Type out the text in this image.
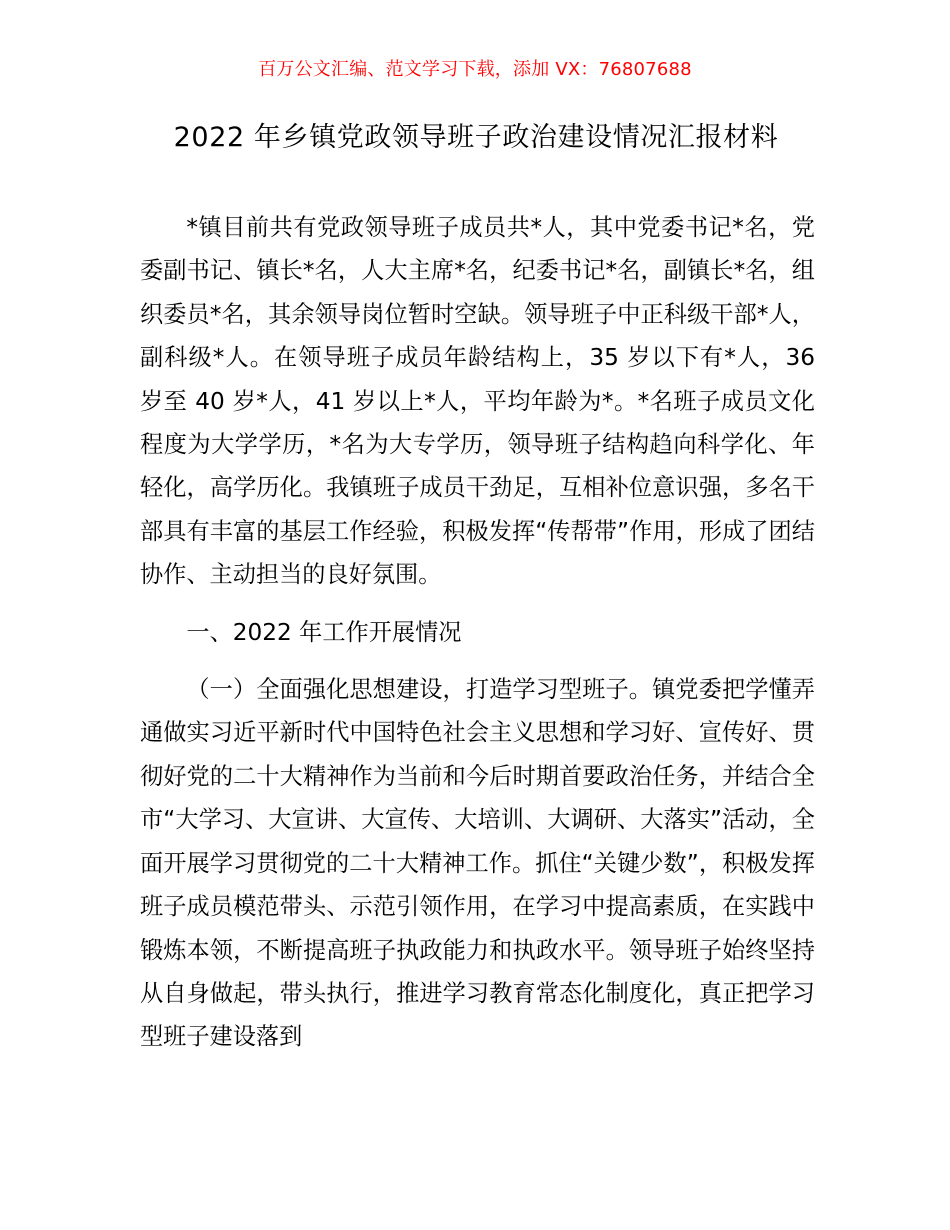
百万公文汇编、范文学习下载，添加 VX：76807688
2022 年乡镇党政领导班子政治建设情况汇报材料

*镇目前共有党政领导班子成员共*人，其中党委书记*名，党委副书记、镇长*名，人大主席*名，纪委书记*名，副镇长*名，组织委员*名，其余领导岗位暂时空缺。领导班子中正科级干部*人，副科级*人。在领导班子成员年龄结构上，35 岁以下有*人，36 岁至 40 岁*人，41 岁以上*人，平均年龄为*。*名班子成员文化程度为大学学历，*名为大专学历，领导班子结构趋向科学化、年轻化，高学历化。我镇班子成员干劲足，互相补位意识强，多名干部具有丰富的基层工作经验，积极发挥“传帮带”作用，形成了团结协作、主动担当的良好氛围。

一、2022 年工作开展情况

（一）全面强化思想建设，打造学习型班子。镇党委把学懂弄通做实习近平新时代中国特色社会主义思想和学习好、宣传好、贯彻好党的二十大精神作为当前和今后时期首要政治任务，并结合全市“大学习、大宣讲、大宣传、大培训、大调研、大落实”活动，全面开展学习贯彻党的二十大精神工作。抓住“关键少数”，积极发挥班子成员模范带头、示范引领作用，在学习中提高素质，在实践中锻炼本领，不断提高班子执政能力和执政水平。领导班子始终坚持从自身做起，带头执行，推进学习教育常态化制度化，真正把学习型班子建设落到
